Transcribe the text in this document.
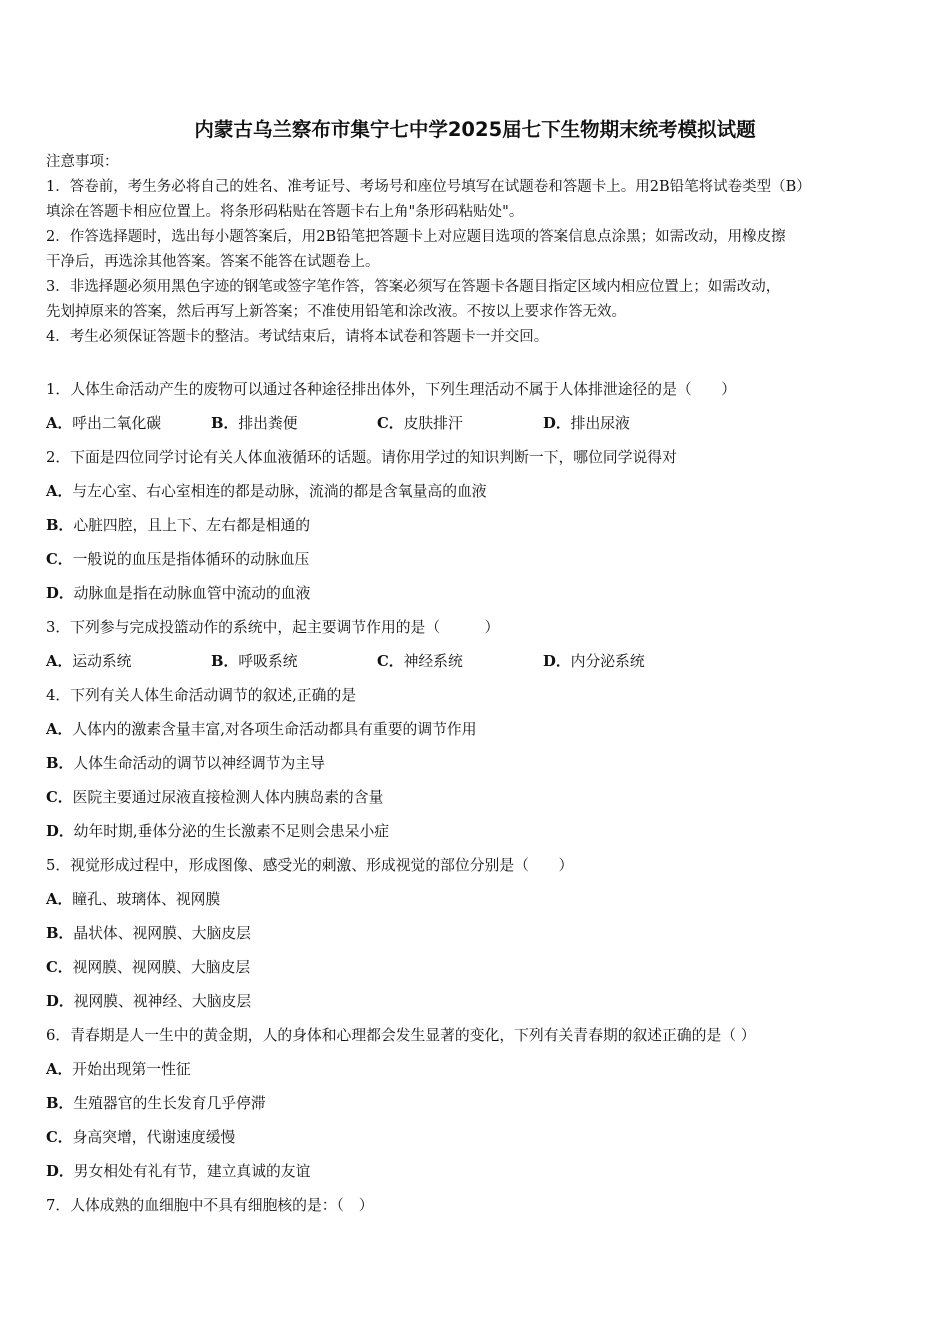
内蒙古乌兰察布市集宁七中学2025届七下生物期末统考模拟试题
注意事项：
1．答卷前，考生务必将自己的姓名、准考证号、考场号和座位号填写在试题卷和答题卡上。用2B铅笔将试卷类型（B）
填涂在答题卡相应位置上。将条形码粘贴在答题卡右上角"条形码粘贴处"。
2．作答选择题时，选出每小题答案后，用2B铅笔把答题卡上对应题目选项的答案信息点涂黑；如需改动，用橡皮擦
干净后，再选涂其他答案。答案不能答在试题卷上。
3．非选择题必须用黑色字迹的钢笔或签字笔作答，答案必须写在答题卡各题目指定区域内相应位置上；如需改动，
先划掉原来的答案，然后再写上新答案；不准使用铅笔和涂改液。不按以上要求作答无效。
4．考生必须保证答题卡的整洁。考试结束后，请将本试卷和答题卡一并交回。
1．人体生命活动产生的废物可以通过各种途径排出体外，下列生理活动不属于人体排泄途径的是（　　）
A．呼出二氧化碳	B．排出粪便	C．皮肤排汗	D．排出尿液
2．下面是四位同学讨论有关人体血液循环的话题。请你用学过的知识判断一下，哪位同学说得对
A．与左心室、右心室相连的都是动脉，流淌的都是含氧量高的血液
B．心脏四腔，且上下、左右都是相通的
C．一般说的血压是指体循环的动脉血压
D．动脉血是指在动脉血管中流动的血液
3．下列参与完成投篮动作的系统中，起主要调节作用的是（　　　）
A．运动系统	B．呼吸系统	C．神经系统	D．内分泌系统
4．下列有关人体生命活动调节的叙述,正确的是
A．人体内的激素含量丰富,对各项生命活动都具有重要的调节作用
B．人体生命活动的调节以神经调节为主导
C．医院主要通过尿液直接检测人体内胰岛素的含量
D．幼年时期,垂体分泌的生长激素不足则会患呆小症
5．视觉形成过程中，形成图像、感受光的刺激、形成视觉的部位分别是（　　）
A．瞳孔、玻璃体、视网膜
B．晶状体、视网膜、大脑皮层
C．视网膜、视网膜、大脑皮层
D．视网膜、视神经、大脑皮层
6．青春期是人一生中的黄金期，人的身体和心理都会发生显著的变化，下列有关青春期的叙述正确的是（ ）
A．开始出现第一性征
B．生殖器官的生长发育几乎停滞
C．身高突增，代谢速度缓慢
D．男女相处有礼有节，建立真诚的友谊
7．人体成熟的血细胞中不具有细胞核的是：（　）
